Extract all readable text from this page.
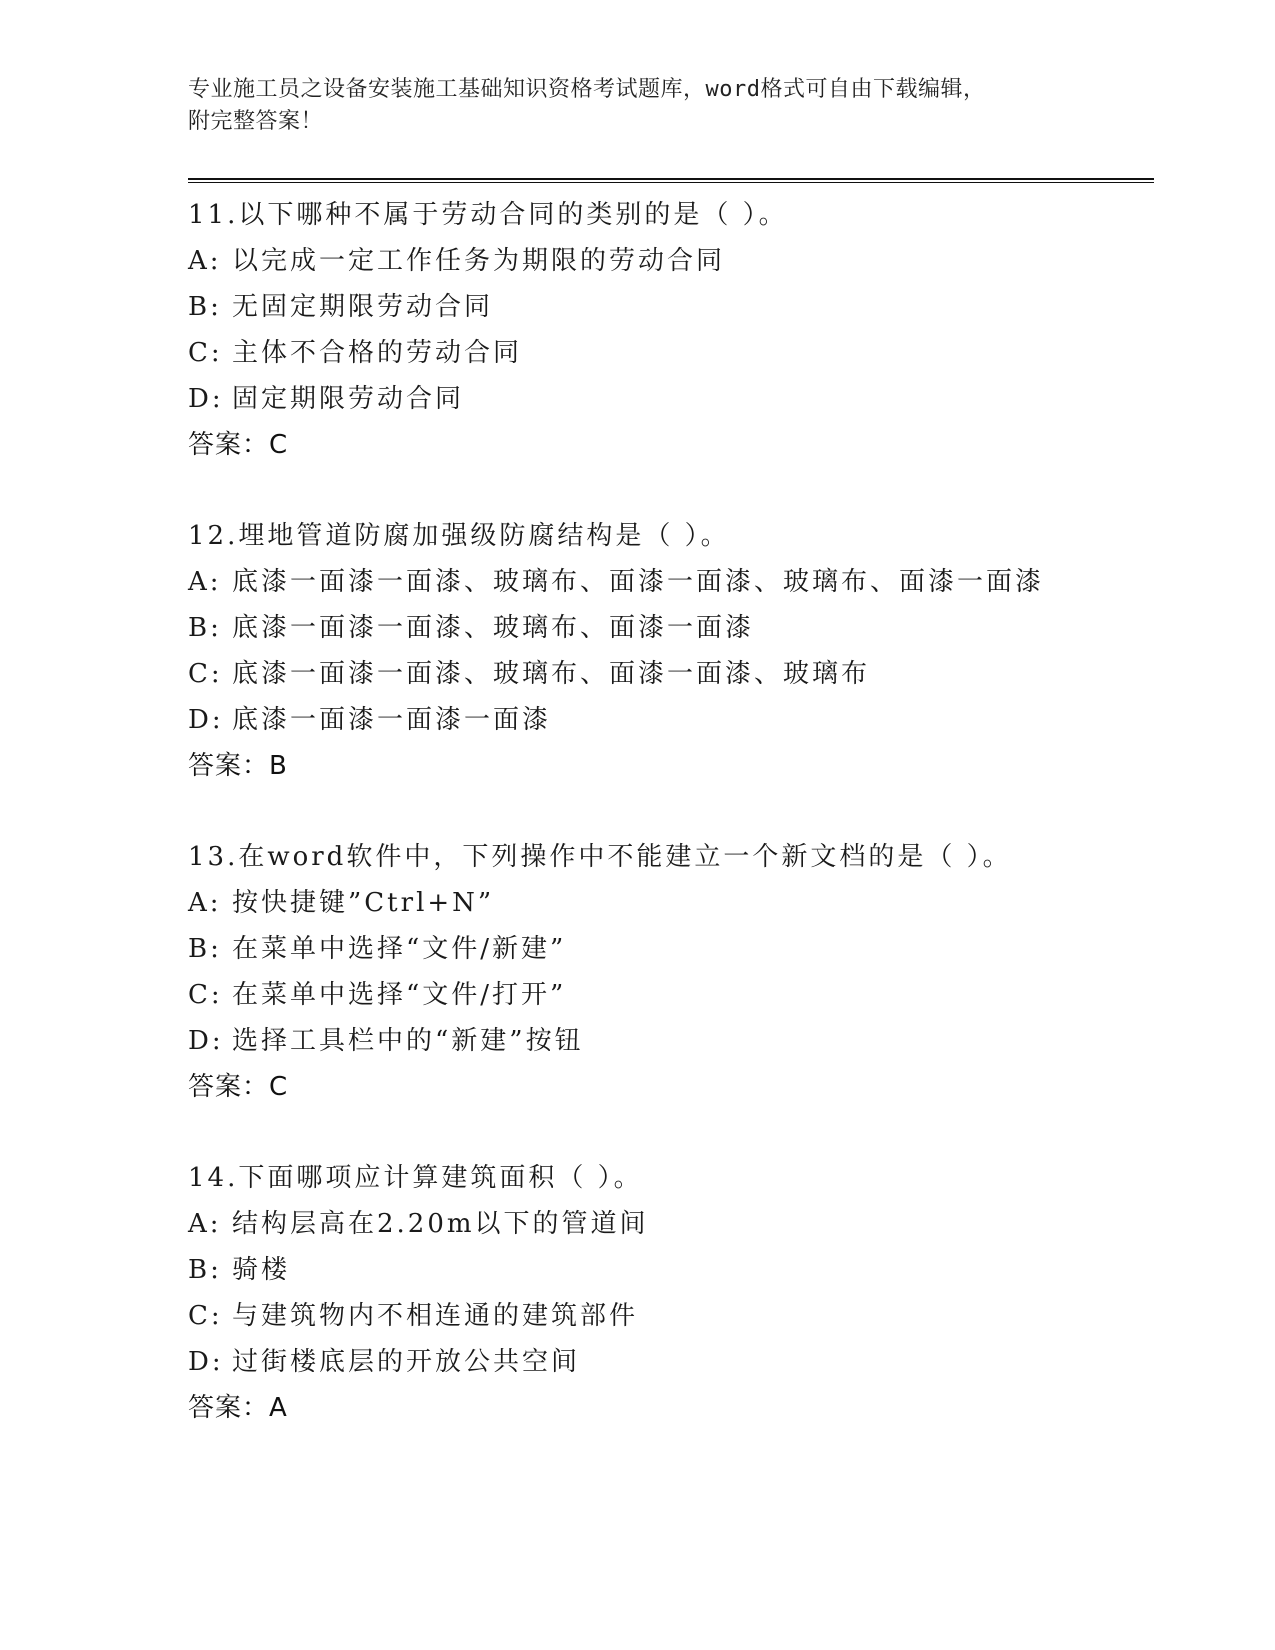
专业施工员之设备安装施工基础知识资格考试题库，word格式可自由下载编辑，
附完整答案！
11.以下哪种不属于劳动合同的类别的是（ ）。
A: 以完成一定工作任务为期限的劳动合同
B: 无固定期限劳动合同
C: 主体不合格的劳动合同
D: 固定期限劳动合同
答案：C
12.埋地管道防腐加强级防腐结构是（ ）。
A: 底漆一面漆一面漆、玻璃布、面漆一面漆、玻璃布、面漆一面漆
B: 底漆一面漆一面漆、玻璃布、面漆一面漆
C: 底漆一面漆一面漆、玻璃布、面漆一面漆、玻璃布
D: 底漆一面漆一面漆一面漆
答案：B
13.在word软件中，下列操作中不能建立一个新文档的是（ ）。
A: 按快捷键”Ctrl+N”
B: 在菜单中选择“文件/新建”
C: 在菜单中选择“文件/打开”
D: 选择工具栏中的“新建”按钮
答案：C
14.下面哪项应计算建筑面积（ ）。
A: 结构层高在2.20m以下的管道间
B: 骑楼
C: 与建筑物内不相连通的建筑部件
D: 过街楼底层的开放公共空间
答案：A
